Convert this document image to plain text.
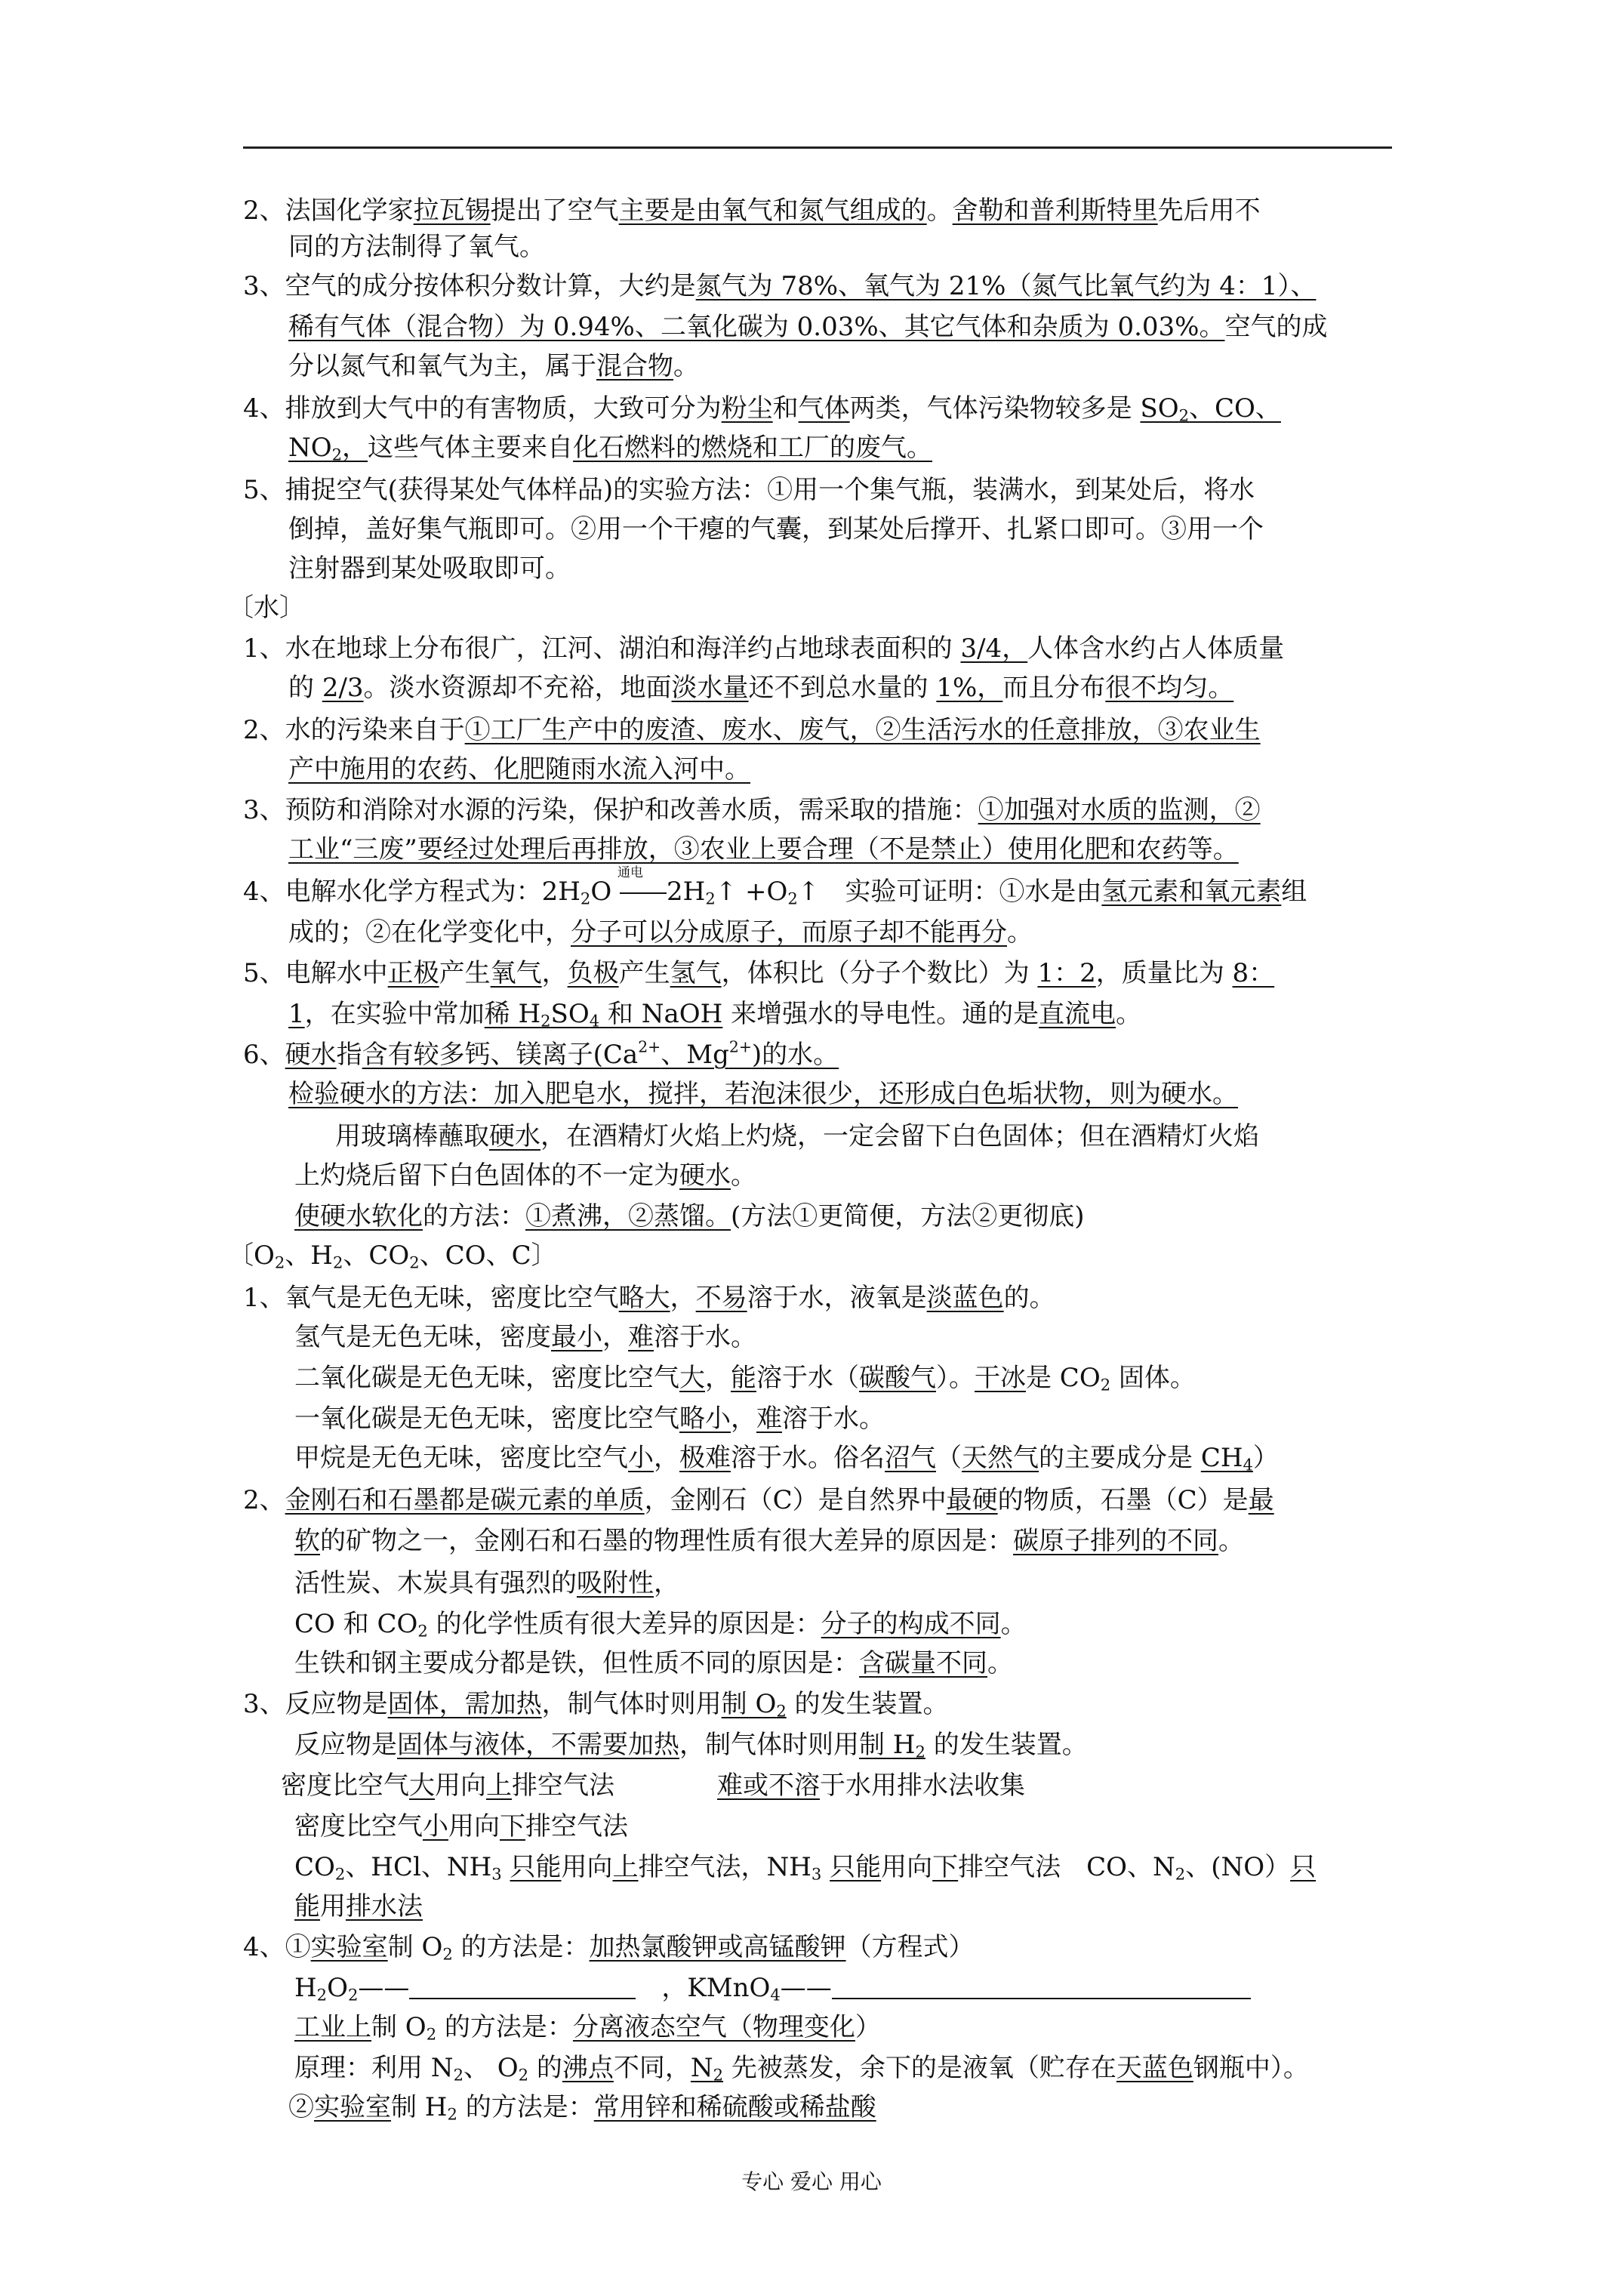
2、法国化学家拉瓦锡提出了空气主要是由氧气和氮气组成的。舍勒和普利斯特里先后用不
同的方法制得了氧气。
3、空气的成分按体积分数计算，大约是氮气为 78%、氧气为 21%（氮气比氧气约为 4：1）、
稀有气体（混合物）为 0.94%、二氧化碳为 0.03%、其它气体和杂质为 0.03%。空气的成
分以氮气和氧气为主，属于混合物。
4、排放到大气中的有害物质，大致可分为粉尘和气体两类，气体污染物较多是 $SO_2$、CO、
$NO_2$，这些气体主要来自化石燃料的燃烧和工厂的废气。
5、捕捉空气(获得某处气体样品)的实验方法：①用一个集气瓶，装满水，到某处后，将水
倒掉，盖好集气瓶即可。②用一个干瘪的气囊，到某处后撑开、扎紧口即可。③用一个
注射器到某处吸取即可。
〔水〕
1、水在地球上分布很广，江河、湖泊和海洋约占地球表面积的 3/4，人体含水约占人体质量
的 2/3。淡水资源却不充裕，地面淡水量还不到总水量的 1%，而且分布很不均匀。
2、水的污染来自于①工厂生产中的废渣、废水、废气，②生活污水的任意排放，③农业生
产中施用的农药、化肥随雨水流入河中。
3、预防和消除对水源的污染，保护和改善水质，需采取的措施：①加强对水质的监测，②
工业“三废”要经过处理后再排放，③农业上要合理（不是禁止）使用化肥和农药等。
4、电解水化学方程式为：$2H_2O$
通电
$2H_2↑$ $+O_2↑$　实验可证明：①水是由氢元素和氧元素组
成的；②在化学变化中，分子可以分成原子，而原子却不能再分。
5、电解水中正极产生氧气，负极产生氢气，体积比（分子个数比）为 1：2，质量比为 8：
1，在实验中常加稀 $H_2SO_4$ 和 NaOH 来增强水的导电性。通的是直流电。
6、硬水指含有较多钙、镁离子($Ca^{2+}$、$Mg^{2+}$)的水。
检验硬水的方法：加入肥皂水，搅拌，若泡沫很少，还形成白色垢状物，则为硬水。
用玻璃棒蘸取硬水，在酒精灯火焰上灼烧，一定会留下白色固体；但在酒精灯火焰
上灼烧后留下白色固体的不一定为硬水。
使硬水软化的方法：①煮沸，②蒸馏。(方法①更简便，方法②更彻底)
〔$O_2$、$H_2$、$CO_2$、CO、C〕
1、氧气是无色无味，密度比空气略大，不易溶于水，液氧是淡蓝色的。
氢气是无色无味，密度最小，难溶于水。
二氧化碳是无色无味，密度比空气大，能溶于水（碳酸气）。干冰是 $CO_2$ 固体。
一氧化碳是无色无味，密度比空气略小，难溶于水。
甲烷是无色无味，密度比空气小，极难溶于水。俗名沼气（天然气的主要成分是 $CH_4$）
2、金刚石和石墨都是碳元素的单质，金刚石（C）是自然界中最硬的物质，石墨（C）是最
软的矿物之一，金刚石和石墨的物理性质有很大差异的原因是：碳原子排列的不同。
活性炭、木炭具有强烈的吸附性，
CO 和 $CO_2$ 的化学性质有很大差异的原因是：分子的构成不同。
生铁和钢主要成分都是铁，但性质不同的原因是：含碳量不同。
3、反应物是固体，需加热，制气体时则用制 $O_2$ 的发生装置。
反应物是固体与液体，不需要加热，制气体时则用制 $H_2$ 的发生装置。
密度比空气大用向上排空气法　　　　难或不溶于水用排水法收集
密度比空气小用向下排空气法
$CO_2$、HCl、$NH_3$ 只能用向上排空气法，$NH_3$ 只能用向下排空气法　CO、$N_2$、(NO）只
能用排水法
4、①实验室制 $O_2$ 的方法是：加热氯酸钾或高锰酸钾（方程式）
$H_2O_2——$	　，KMnO$_4$——
工业上制 $O_2$ 的方法是：分离液态空气（物理变化）
原理：利用 $N_2$、 $O_2$ 的沸点不同，$N_2$ 先被蒸发，余下的是液氧（贮存在天蓝色钢瓶中）。
②实验室制 $H_2$ 的方法是：常用锌和稀硫酸或稀盐酸
专心 爱心 用心
